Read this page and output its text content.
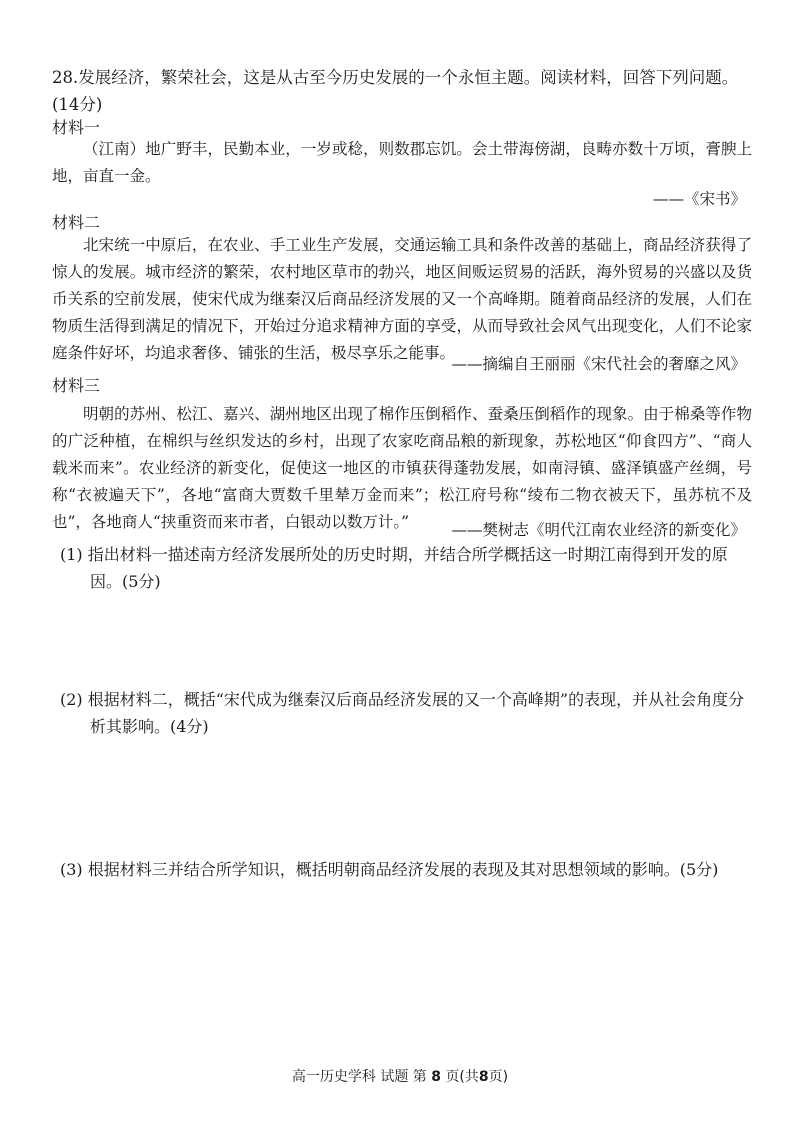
28.发展经济，繁荣社会，这是从古至今历史发展的一个永恒主题。阅读材料，回答下列问题。(14分)
材料一

（江南）地广野丰，民勤本业，一岁或稔，则数郡忘饥。会土带海傍湖，良畴亦数十万顷，膏腴上地，亩直一金。

——《宋书》
材料二

北宋统一中原后，在农业、手工业生产发展，交通运输工具和条件改善的基础上，商品经济获得了惊人的发展。城市经济的繁荣，农村地区草市的勃兴，地区间贩运贸易的活跃，海外贸易的兴盛以及货币关系的空前发展，使宋代成为继秦汉后商品经济发展的又一个高峰期。随着商品经济的发展，人们在物质生活得到满足的情况下，开始过分追求精神方面的享受，从而导致社会风气出现变化，人们不论家庭条件好坏，均追求奢侈、铺张的生活，极尽享乐之能事。

——摘编自王丽丽《宋代社会的奢靡之风》
材料三

明朝的苏州、松江、嘉兴、湖州地区出现了棉作压倒稻作、蚕桑压倒稻作的现象。由于棉桑等作物的广泛种植，在棉织与丝织发达的乡村，出现了农家吃商品粮的新现象，苏松地区“仰食四方”、“商人载米而来”。农业经济的新变化，促使这一地区的市镇获得蓬勃发展，如南浔镇、盛泽镇盛产丝绸，号称“衣被遍天下”，各地“富商大贾数千里辇万金而来”；松江府号称“绫布二物衣被天下，虽苏杭不及也”，各地商人“挟重资而来市者，白银动以数万计。”	——樊树志《明代江南农业经济的新变化》
(1) 指出材料一描述南方经济发展所处的历史时期，并结合所学概括这一时期江南得到开发的原因。(5分)
(2) 根据材料二，概括“宋代成为继秦汉后商品经济发展的又一个高峰期”的表现，并从社会角度分析其影响。(4分)
(3) 根据材料三并结合所学知识，概括明朝商品经济发展的表现及其对思想领域的影响。(5分)
高一历史学科 试题 第 8 页(共8页)
